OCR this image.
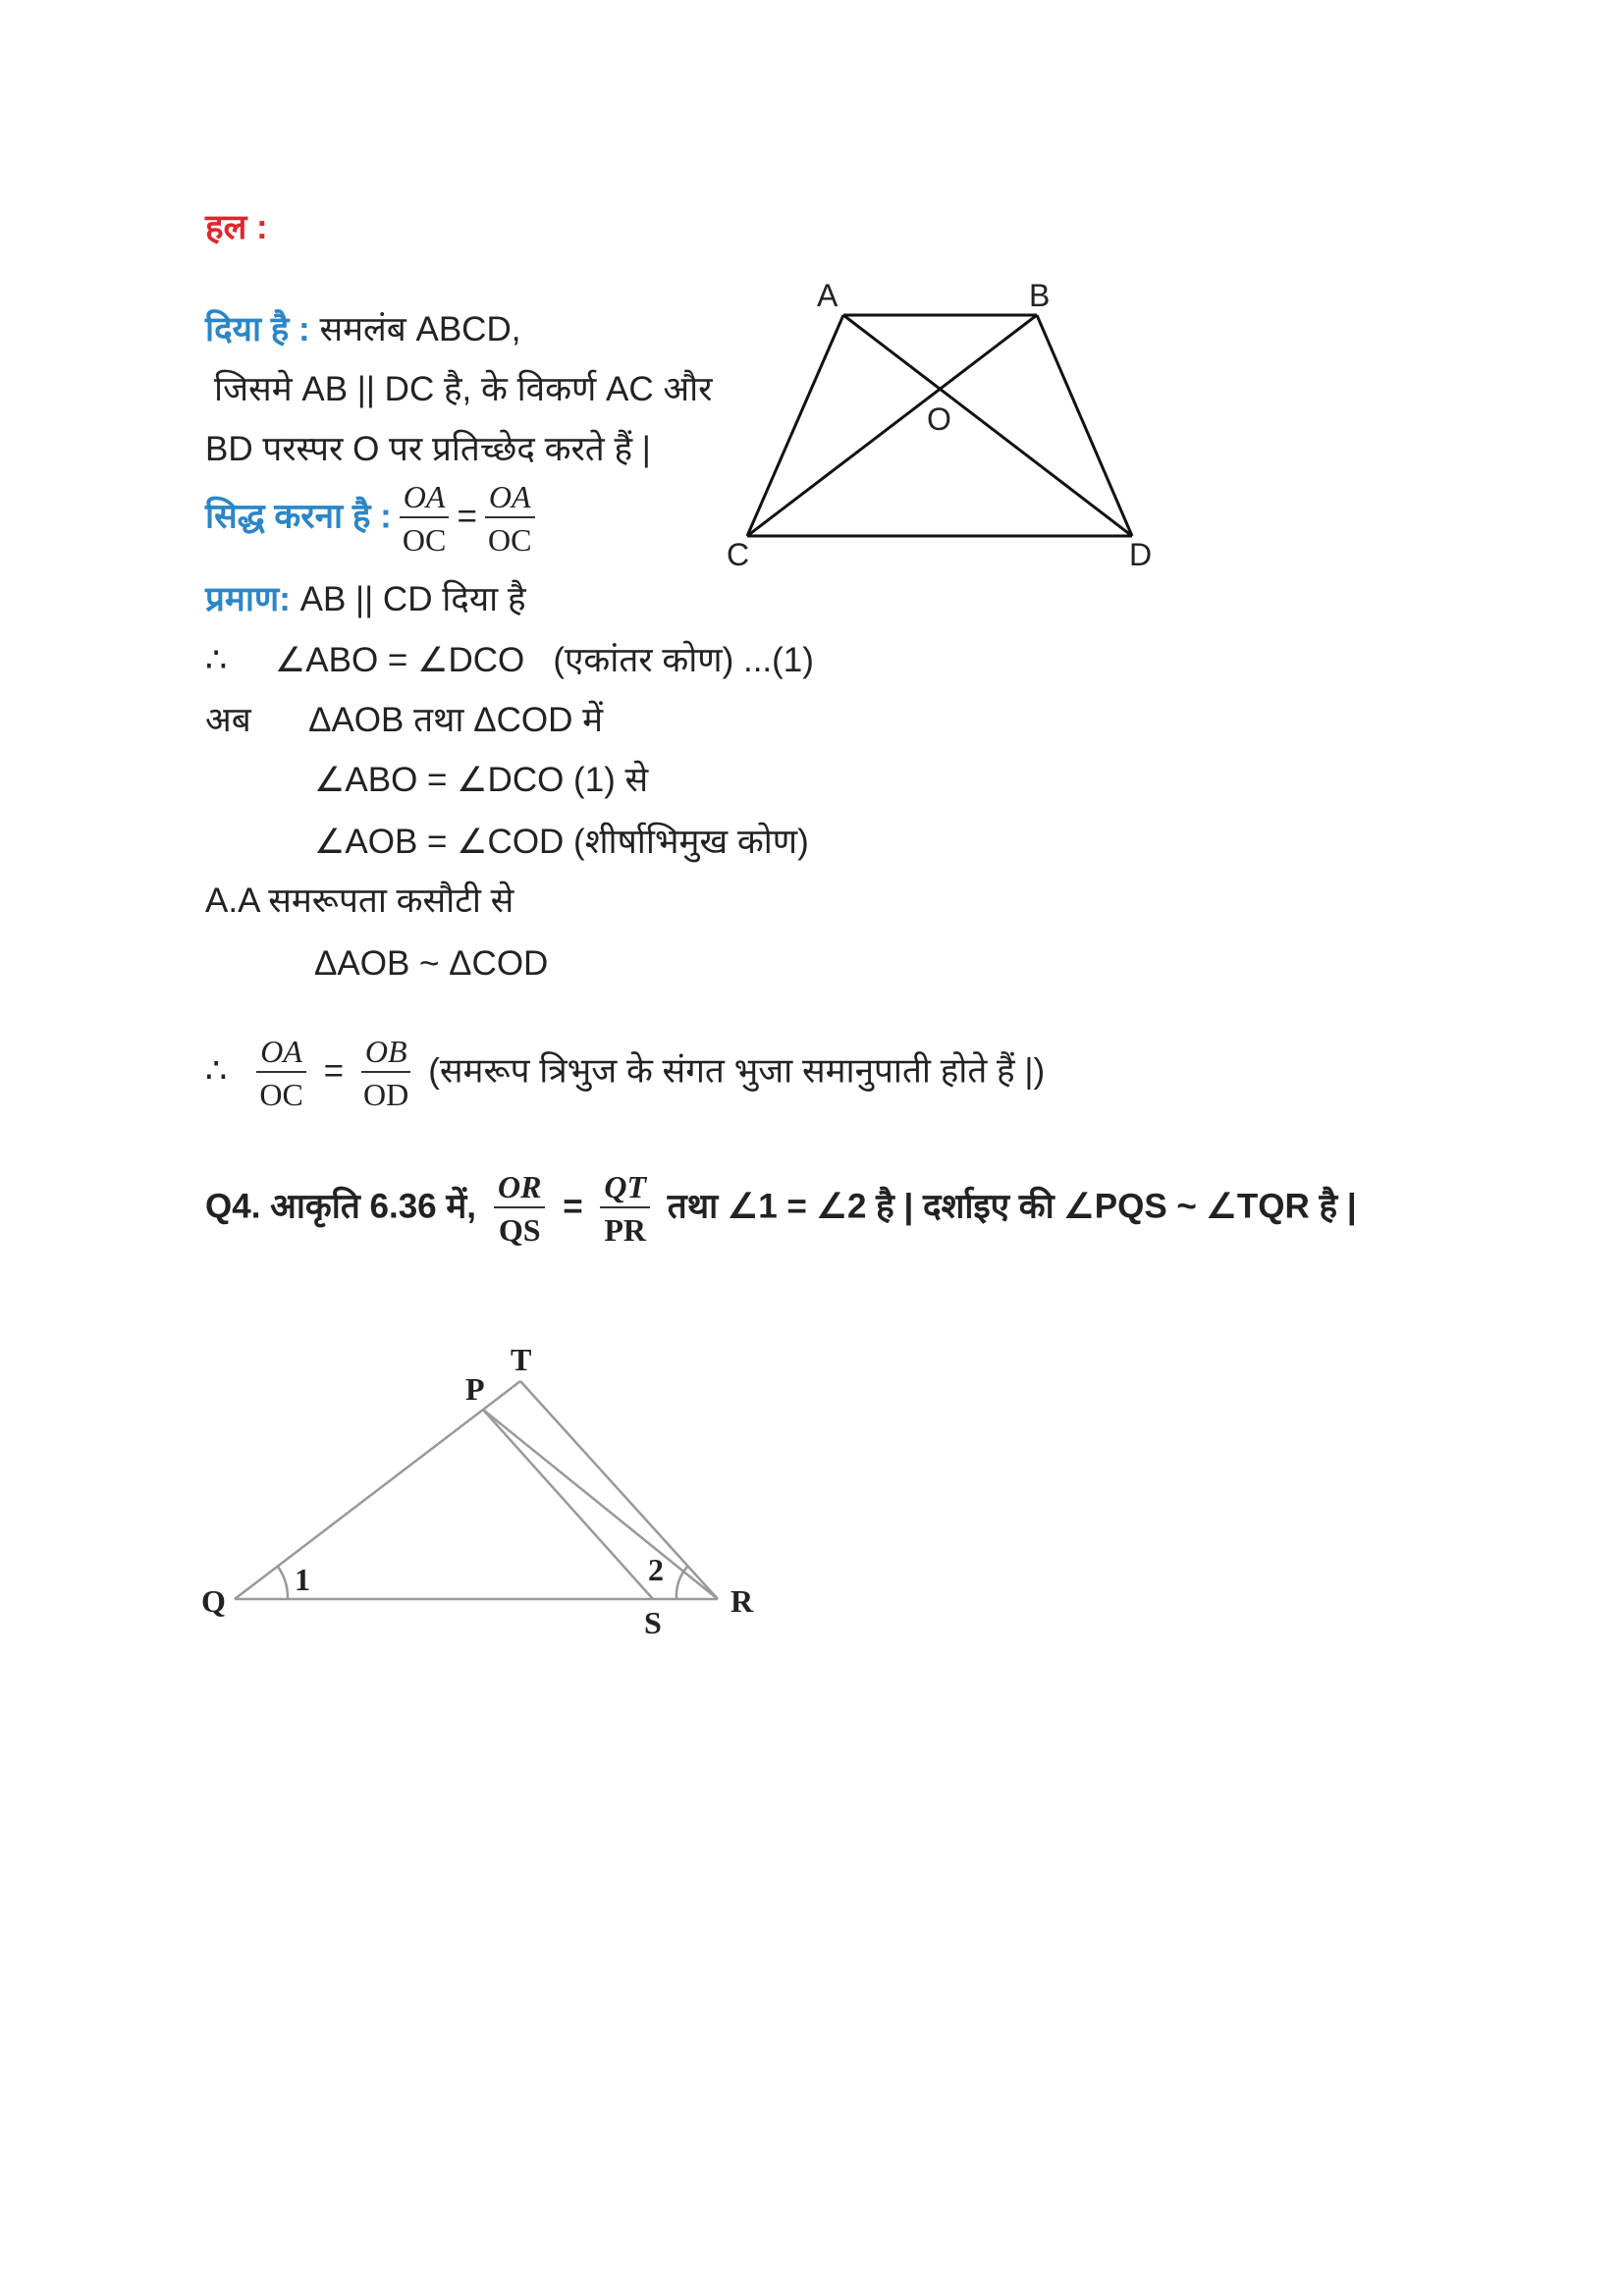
हल :
दिया है : समलंब ABCD,
जिसमे AB || DC है, के विकर्ण AC और
BD परस्पर O पर प्रतिच्छेद करते हैं |
सिद्ध करना है : $\frac{OA}{OC} = \frac{OA}{OC}$
प्रमाण: AB || CD दिया है
∴     ∠ABO = ∠DCO   (एकांतर कोण) ...(1)
अब      ΔAOB तथा ΔCOD में
∠ABO = ∠DCO (1) से
∠AOB = ∠COD (शीर्षाभिमुख कोण)
A.A समरूपता कसौटी से
ΔAOB ~ ΔCOD
∴ $\frac{OA}{OC} = \frac{OB}{OD}$ (समरूप त्रिभुज के संगत भुजा समानुपाती होते हैं |)
Q4. आकृति 6.36 में, $\frac{OR}{QS} = \frac{QT}{PR}$ तथा ∠1 = ∠2 है | दर्शाइए की ∠PQS ~ ∠TQR है |
A	B
C	D
O
Q
P
T
S
R
1	2
